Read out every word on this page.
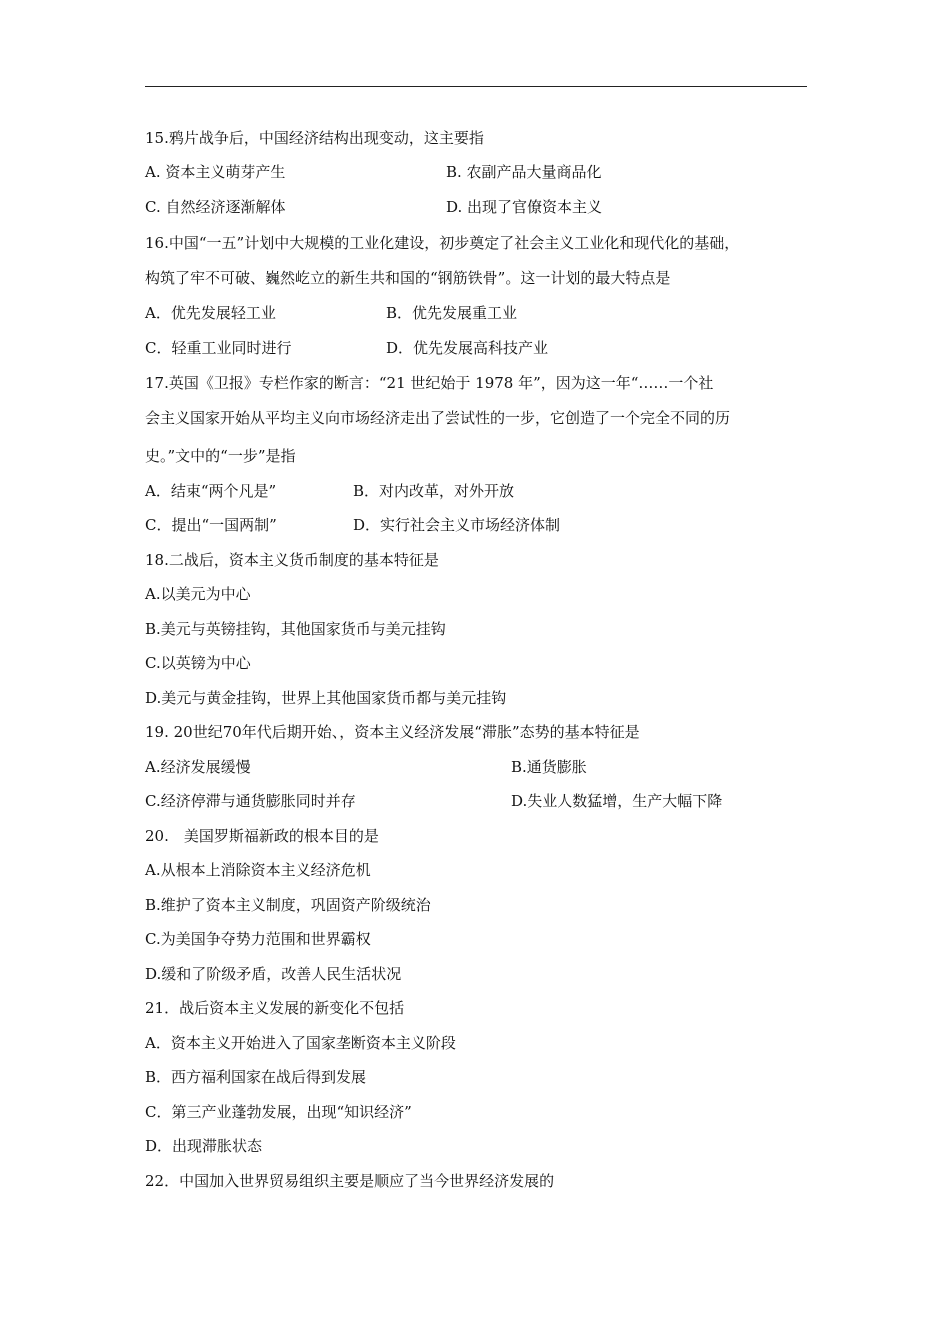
15.鸦片战争后，中国经济结构出现变动，这主要指
A. 资本主义萌芽产生	B. 农副产品大量商品化
C. 自然经济逐渐解体	D. 出现了官僚资本主义
16.中国“一五”计划中大规模的工业化建设，初步奠定了社会主义工业化和现代化的基础，
构筑了牢不可破、巍然屹立的新生共和国的“钢筋铁骨”。这一计划的最大特点是
A．优先发展轻工业	B．优先发展重工业
C．轻重工业同时进行	D．优先发展高科技产业
17.英国《卫报》专栏作家的断言：“21 世纪始于 1978 年”，因为这一年“……一个社
会主义国家开始从平均主义向市场经济走出了尝试性的一步，它创造了一个完全不同的历
史。”文中的“一步”是指
A．结束“两个凡是”	B．对内改革，对外开放
C．提出“一国两制”	D．实行社会主义市场经济体制
18.二战后，资本主义货币制度的基本特征是
A.以美元为中心
B.美元与英镑挂钩，其他国家货币与美元挂钩
C.以英镑为中心
D.美元与黄金挂钩，世界上其他国家货币都与美元挂钩
19. 20世纪70年代后期开始、，资本主义经济发展“滞胀”态势的基本特征是
A.经济发展缓慢	B.通货膨胀
C.经济停滞与通货膨胀同时并存	D.失业人数猛增，生产大幅下降
20.　美国罗斯福新政的根本目的是
A.从根本上消除资本主义经济危机
B.维护了资本主义制度，巩固资产阶级统治
C.为美国争夺势力范围和世界霸权
D.缓和了阶级矛盾，改善人民生活状况
21．战后资本主义发展的新变化不包括
A．资本主义开始进入了国家垄断资本主义阶段
B．西方福利国家在战后得到发展
C．第三产业蓬勃发展，出现“知识经济”
D．出现滞胀状态
22．中国加入世界贸易组织主要是顺应了当今世界经济发展的
